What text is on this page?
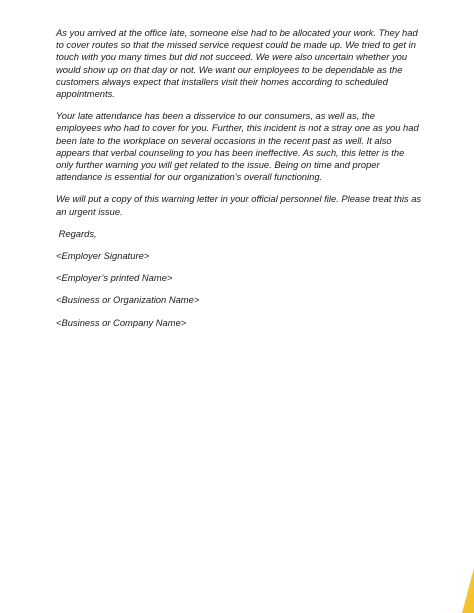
As you arrived at the office late, someone else had to be allocated your work. They had to cover routes so that the missed service request could be made up. We tried to get in touch with you many times but did not succeed. We were also uncertain whether you would show up on that day or not. We want our employees to be dependable as the customers always expect that installers visit their homes according to scheduled appointments.

Your late attendance has been a disservice to our consumers, as well as, the employees who had to cover for you. Further, this incident is not a stray one as you had been late to the workplace on several occasions in the recent past as well. It also appears that verbal counseling to you has been ineffective. As such, this letter is the only further warning you will get related to the issue. Being on time and proper attendance is essential for our organization’s overall functioning.

We will put a copy of this warning letter in your official personnel file. Please treat this as an urgent issue.

Regards,

<Employer Signature>

<Employer’s printed Name>

<Business or Organization Name>

<Business or Company Name>
